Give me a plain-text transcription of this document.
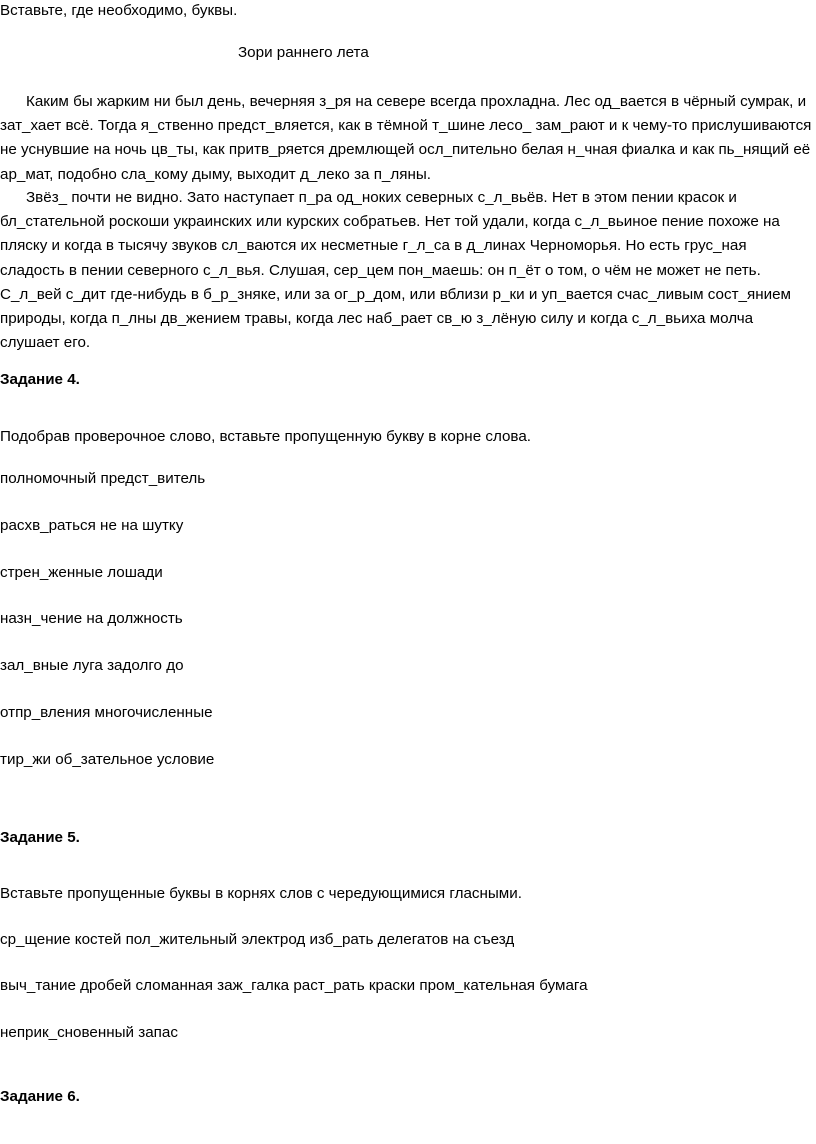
Вставьте, где необходимо, буквы.
Зори раннего лета

Каким бы жарким ни был день, вечерняя з_ря на севере всегда прохладна. Лес од_вается в чёрный сумрак, и зат_хает всё. Тогда я_ственно предст_вляется, как в тёмной т_шине лесо_ зам_рают и к чему-то прислушиваются не уснувшие на ночь цв_ты, как притв_ряется дремлющей осл_пительно белая н_чная фиалка и как пь_нящий её ар_мат, подобно сла_кому дыму, выходит д_леко за п_ляны.

Звёз_ почти не видно. Зато наступает п_ра од_ноких северных с_л_вьёв. Нет в этом пении красок и бл_стательной роскоши украинских или курских собратьев. Нет той удали, когда с_л_вьиное пение похоже на пляску и когда в тысячу звуков сл_ваются их несметные г_л_са в д_линах Черноморья. Но есть грус_ная сладость в пении северного с_л_вья. Слушая, сер_цем пон_маешь: он п_ёт о том, о чём не может не петь. С_л_вей с_дит где-нибудь в б_р_зняке, или за ог_р_дом, или вблизи р_ки и уп_вается счас_ливым сост_янием природы, когда п_лны дв_жением травы, когда лес наб_рает св_ю з_лёную силу и когда с_л_вьиха молча слушает его.

Задание 4.
Подобрав проверочное слово, вставьте пропущенную букву в корне слова.
полномочный предст_витель
расхв_раться не на шутку
стрен_женные лошади
назн_чение на должность
зал_вные луга задолго до
отпр_вления многочисленные
тир_жи об_зательное условие
Задание 5.
Вставьте пропущенные буквы в корнях слов с чередующимися гласными.
ср_щение костей пол_жительный электрод изб_рать делегатов на съезд
выч_тание дробей сломанная заж_галка раст_рать краски пром_кательная бумага
неприк_сновенный запас
Задание 6.
